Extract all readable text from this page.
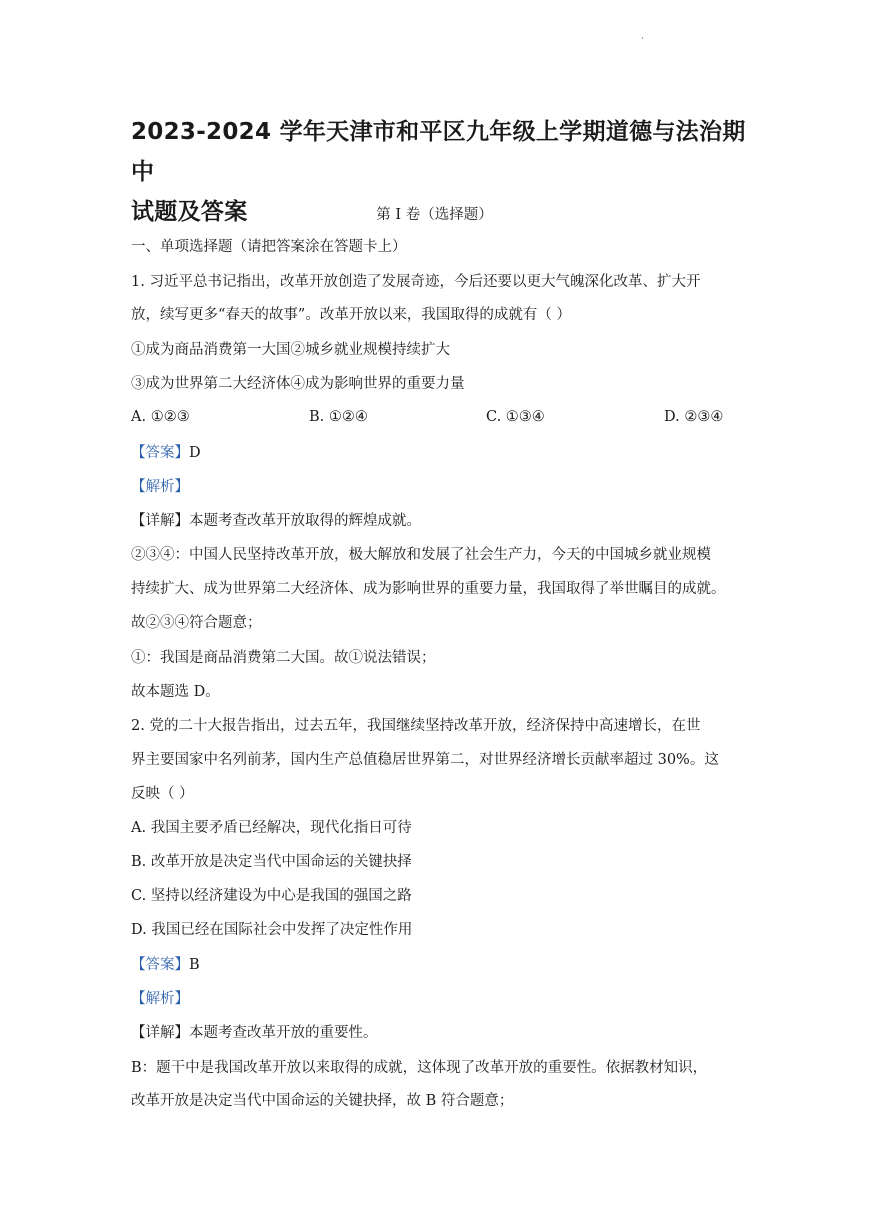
·
2023-2024 学年天津市和平区九年级上学期道德与法治期中
试题及答案	第 I 卷（选择题）
一、单项选择题（请把答案涂在答题卡上）
1. 习近平总书记指出，改革开放创造了发展奇迹，今后还要以更大气魄深化改革、扩大开
放，续写更多“春天的故事”。改革开放以来，我国取得的成就有（ ）
①成为商品消费第一大国②城乡就业规模持续扩大
③成为世界第二大经济体④成为影响世界的重要力量
A. ①②③	B. ①②④	C. ①③④	D. ②③④
【答案】D
【解析】
【详解】本题考查改革开放取得的辉煌成就。
②③④：中国人民坚持改革开放，极大解放和发展了社会生产力，今天的中国城乡就业规模
持续扩大、成为世界第二大经济体、成为影响世界的重要力量，我国取得了举世瞩目的成就。
故②③④符合题意；
①：我国是商品消费第二大国。故①说法错误；
故本题选 D。
2. 党的二十大报告指出，过去五年，我国继续坚持改革开放，经济保持中高速增长，在世
界主要国家中名列前茅，国内生产总值稳居世界第二，对世界经济增长贡献率超过 30%。这
反映（ ）
A. 我国主要矛盾已经解决，现代化指日可待
B. 改革开放是决定当代中国命运的关键抉择
C. 坚持以经济建设为中心是我国的强国之路
D. 我国已经在国际社会中发挥了决定性作用
【答案】B
【解析】
【详解】本题考查改革开放的重要性。
B：题干中是我国改革开放以来取得的成就，这体现了改革开放的重要性。依据教材知识，
改革开放是决定当代中国命运的关键抉择，故 B 符合题意；
